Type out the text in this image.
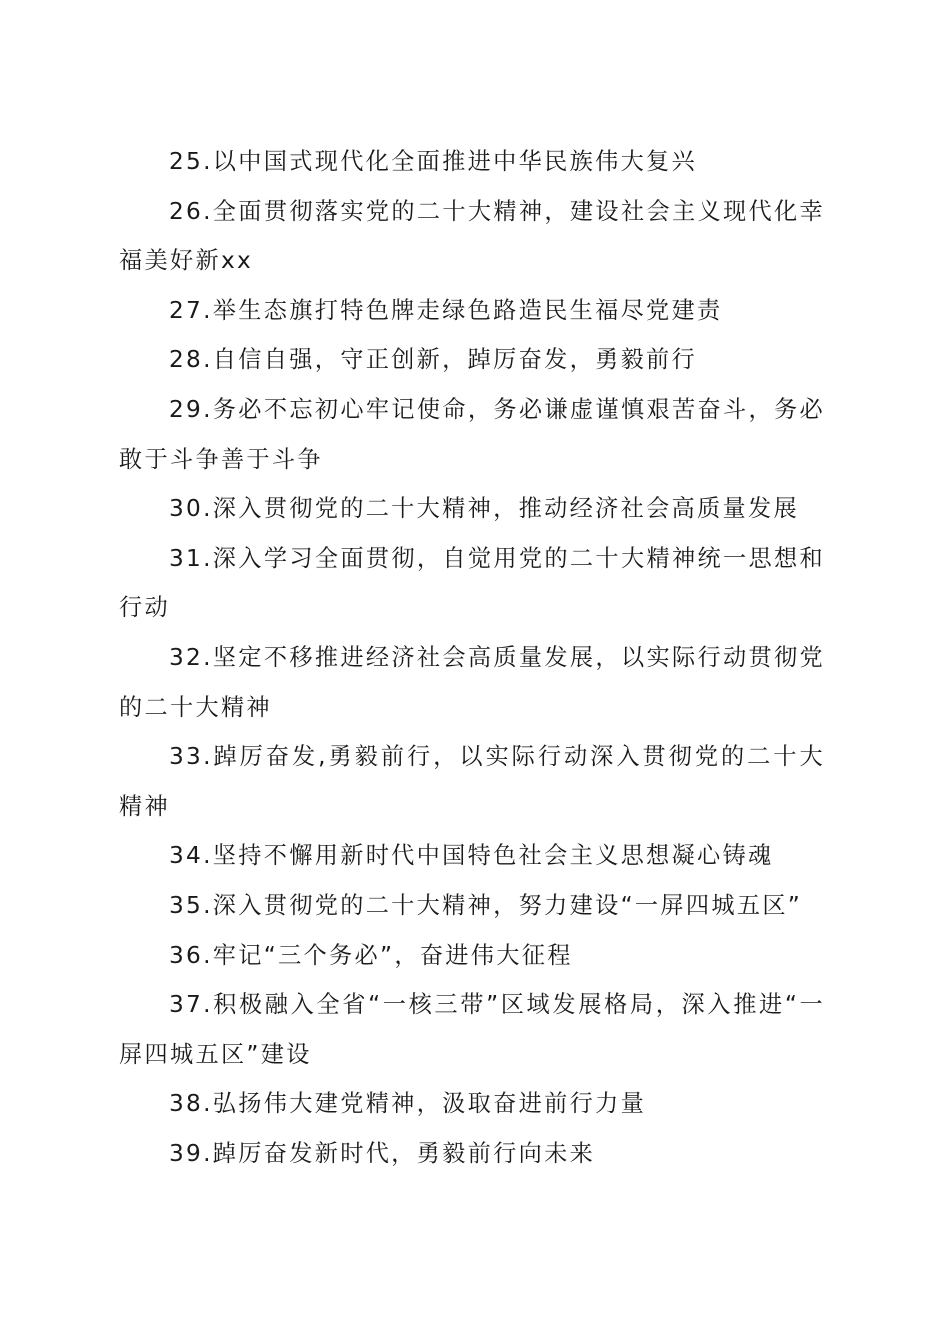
25.以中国式现代化全面推进中华民族伟大复兴

26.全面贯彻落实党的二十大精神，建设社会主义现代化幸福美好新xx

27.举生态旗打特色牌走绿色路造民生福尽党建责

28.自信自强，守正创新，踔厉奋发，勇毅前行

29.务必不忘初心牢记使命，务必谦虚谨慎艰苦奋斗，务必敢于斗争善于斗争

30.深入贯彻党的二十大精神，推动经济社会高质量发展

31.深入学习全面贯彻，自觉用党的二十大精神统一思想和行动

32.坚定不移推进经济社会高质量发展，以实际行动贯彻党的二十大精神

33.踔厉奋发,勇毅前行，以实际行动深入贯彻党的二十大精神

34.坚持不懈用新时代中国特色社会主义思想凝心铸魂

35.深入贯彻党的二十大精神，努力建设“一屏四城五区”

36.牢记“三个务必”，奋进伟大征程

37.积极融入全省“一核三带”区域发展格局，深入推进“一屏四城五区”建设

38.弘扬伟大建党精神，汲取奋进前行力量

39.踔厉奋发新时代，勇毅前行向未来
